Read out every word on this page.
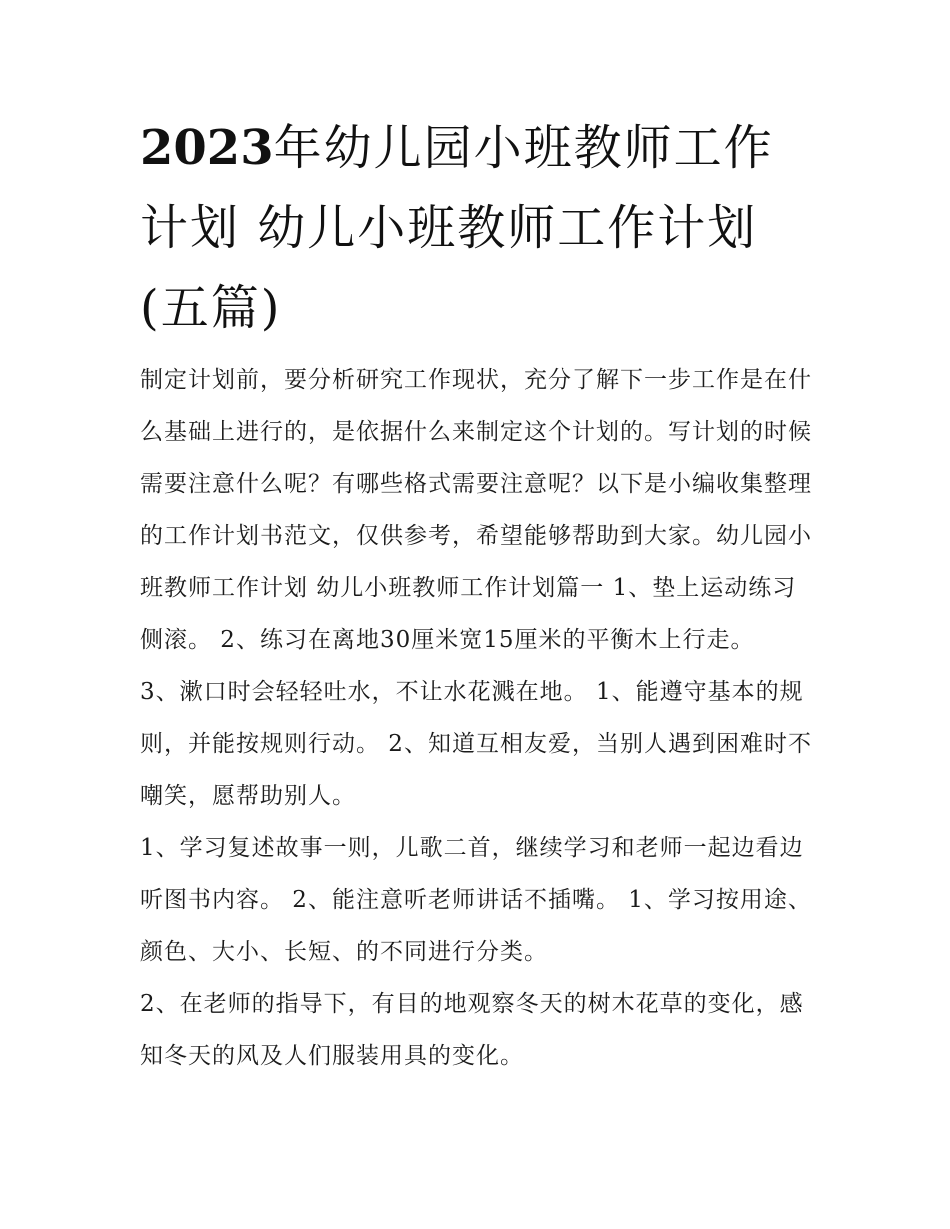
2023年幼儿园小班教师工作计划 幼儿小班教师工作计划(五篇)

制定计划前，要分析研究工作现状，充分了解下一步工作是在什么基础上进行的，是依据什么来制定这个计划的。写计划的时候需要注意什么呢？有哪些格式需要注意呢？以下是小编收集整理的工作计划书范文，仅供参考，希望能够帮助到大家。幼儿园小班教师工作计划 幼儿小班教师工作计划篇一 1、垫上运动练习侧滚。 2、练习在离地30厘米宽15厘米的平衡木上行走。

3、漱口时会轻轻吐水，不让水花溅在地。 1、能遵守基本的规则，并能按规则行动。 2、知道互相友爱，当别人遇到困难时不嘲笑，愿帮助别人。

1、学习复述故事一则，儿歌二首，继续学习和老师一起边看边听图书内容。 2、能注意听老师讲话不插嘴。 1、学习按用途、颜色、大小、长短、的不同进行分类。

2、在老师的指导下，有目的地观察冬天的树木花草的变化，感知冬天的风及人们服装用具的变化。
